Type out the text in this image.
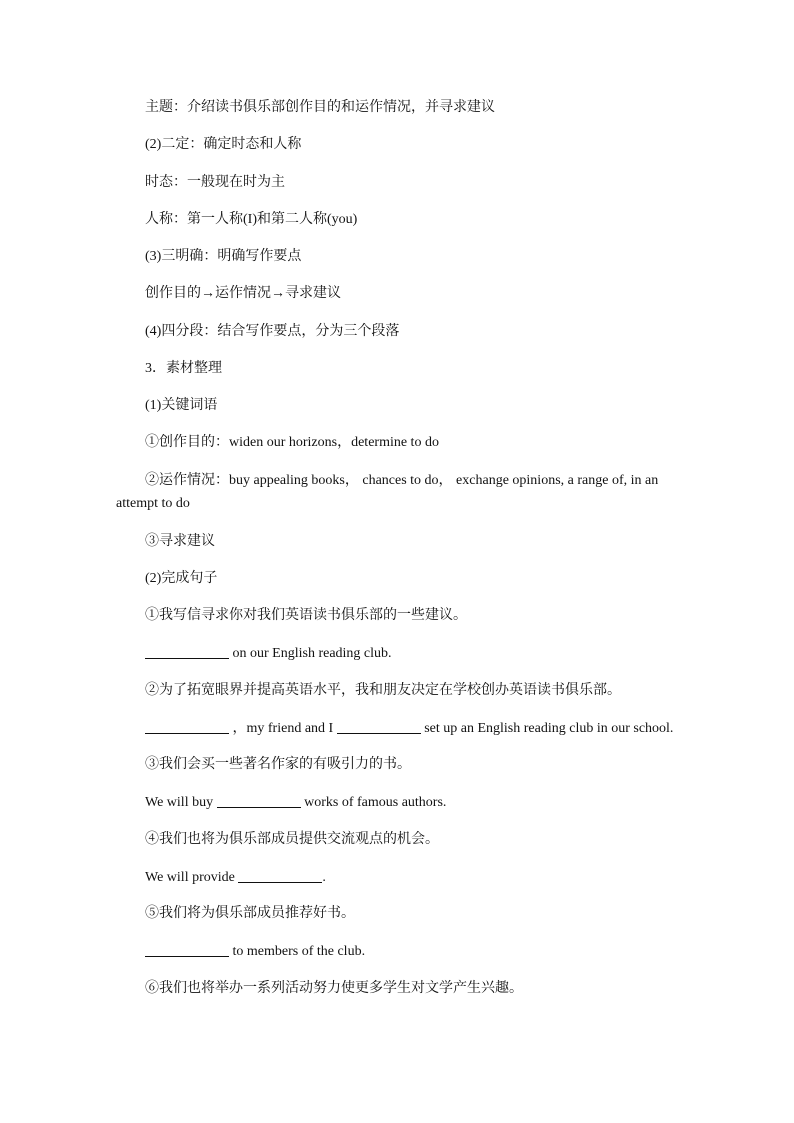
主题：介绍读书俱乐部创作目的和运作情况，并寻求建议
(2)二定：确定时态和人称
时态：一般现在时为主
人称：第一人称(I)和第二人称(you)
(3)三明确：明确写作要点
创作目的→运作情况→寻求建议
(4)四分段：结合写作要点，分为三个段落
3．素材整理
(1)关键词语
①创作目的：widen our horizons，determine to do
②运作情况：buy appealing books， chances to do， exchange opinions, a range of, in an
attempt to do
③寻求建议
(2)完成句子
①我写信寻求你对我们英语读书俱乐部的一些建议。
on our English reading club.
②为了拓宽眼界并提高英语水平，我和朋友决定在学校创办英语读书俱乐部。
，my friend and I	set up an English reading club in our school.
③我们会买一些著名作家的有吸引力的书。
We will buy	works of famous authors.
④我们也将为俱乐部成员提供交流观点的机会。
We will provide	.
⑤我们将为俱乐部成员推荐好书。
to members of the club.
⑥我们也将举办一系列活动努力使更多学生对文学产生兴趣。
